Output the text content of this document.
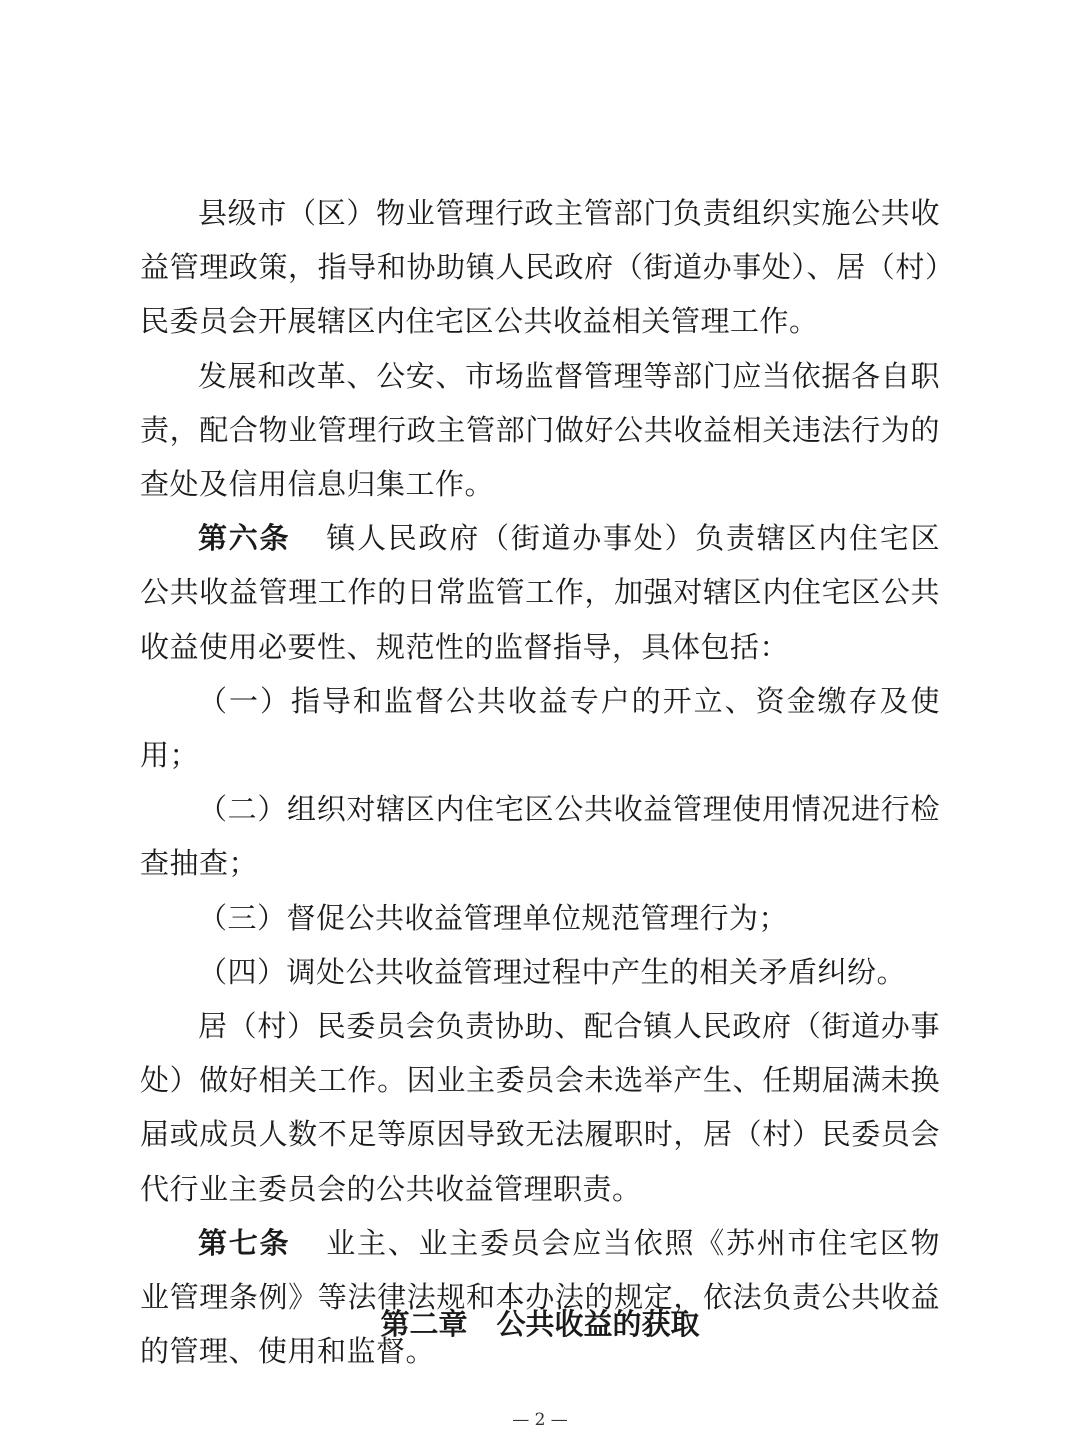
县级市（区）物业管理行政主管部门负责组织实施公共收益管理政策，指导和协助镇人民政府（街道办事处）、居（村）民委员会开展辖区内住宅区公共收益相关管理工作。

发展和改革、公安、市场监督管理等部门应当依据各自职责，配合物业管理行政主管部门做好公共收益相关违法行为的查处及信用信息归集工作。

第六条 镇人民政府（街道办事处）负责辖区内住宅区公共收益管理工作的日常监管工作，加强对辖区内住宅区公共收益使用必要性、规范性的监督指导，具体包括：

（一）指导和监督公共收益专户的开立、资金缴存及使用；

（二）组织对辖区内住宅区公共收益管理使用情况进行检查抽查；

（三）督促公共收益管理单位规范管理行为；

（四）调处公共收益管理过程中产生的相关矛盾纠纷。

居（村）民委员会负责协助、配合镇人民政府（街道办事处）做好相关工作。因业主委员会未选举产生、任期届满未换届或成员人数不足等原因导致无法履职时，居（村）民委员会代行业主委员会的公共收益管理职责。

第七条 业主、业主委员会应当依照《苏州市住宅区物业管理条例》等法律法规和本办法的规定，依法负责公共收益的管理、使用和监督。

第二章　公共收益的获取
— 2 —
